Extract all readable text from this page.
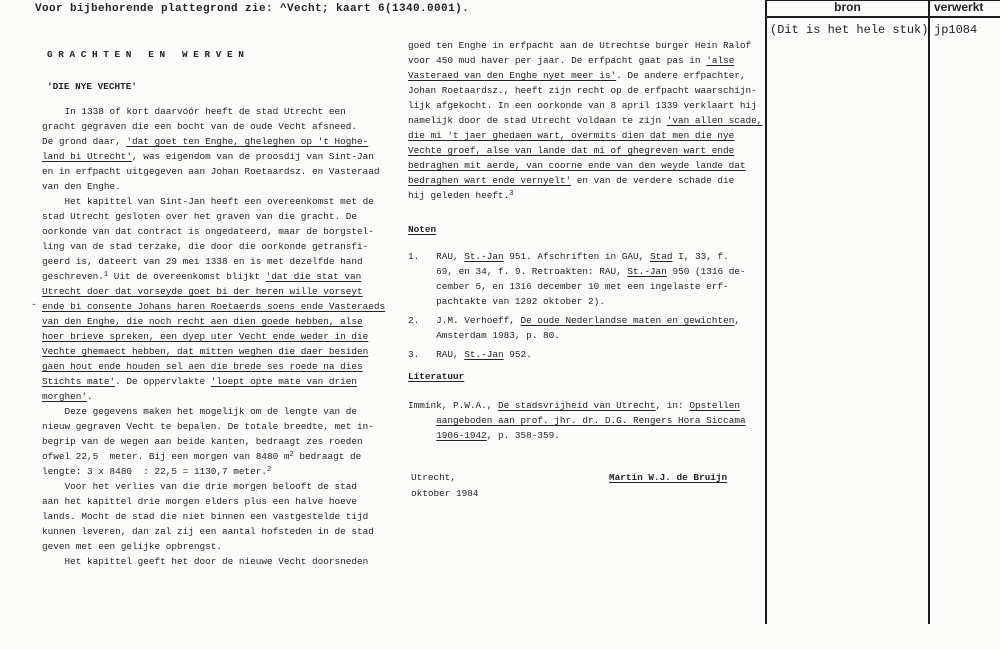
Voor bijbehorende plattegrond zie: ^Vecht; kaart 6(1340.0001).
G R A C H T E N   E N   W E R V E N
'DIE NYE VECHTE'
In 1338 of kort daarvóór heeft de stad Utrecht een
gracht gegraven die een bocht van de oude Vecht afsneed.
De grond daar, 'dat goet ten Enghe, gheleghen op 't Hoghe-
land bi Utrecht', was eigendom van de proosdij van Sint-Jan
en in erfpacht uitgegeven aan Johan Roetaardsz. en Vasteraad
van den Enghe.
Het kapittel van Sint-Jan heeft een overeenkomst met de
stad Utrecht gesloten over het graven van die gracht. De
oorkonde van dat contract is ongedateerd, maar de borgstel-
ling van de stad terzake, die door die oorkonde getransfi-
geerd is, dateert van 29 mei 1338 en is met dezelfde hand
geschreven.$^1$ Uit de overeenkomst blijkt 'dat die stat van
Utrecht doer dat vorseyde goet bi der heren wille vorseyt
ende bi consente Johans haren Roetaerds soens ende Vasteraeds
van den Enghe, die noch recht aen dien goede hebben, alse
hoer brieve spreken, een dyep uter Vecht ende weder in die
Vechte ghemaect hebben, dat mitten weghen die daer besiden
gaen hout ende houden sel aen die brede ses roede na dies
Stichts mate'. De oppervlakte 'loept opte mate van drien
morghen'.
Deze gegevens maken het mogelijk om de lengte van de
nieuw gegraven Vecht te bepalen. De totale breedte, met in-
begrip van de wegen aan beide kanten, bedraagt zes roeden
ofwel 22,5  meter. Bij een morgen van 8480 $m^2$ bedraagt de
lengte: 3 x 8480  : 22,5 = 1130,7 meter.$^2$
Voor het verlies van die drie morgen belooft de stad
aan het kapittel drie morgen elders plus een halve hoeve
lands. Mocht de stad die niet binnen een vastgestelde tijd
kunnen leveren, dan zal zij een aantal hofsteden in de stad
geven met een gelijke opbrengst.
Het kapittel geeft het door de nieuwe Vecht doorsneden
-
goed ten Enghe in erfpacht aan de Utrechtse burger Hein Ralof
voor 450 mud haver per jaar. De erfpacht gaat pas in 'alse
Vasteraed van den Enghe nyet meer is'. De andere erfpachter,
Johan Roetaardsz., heeft zijn recht op de erfpacht waarschijn-
lijk afgekocht. In een oorkonde van 8 april 1339 verklaart hij
namelijk door de stad Utrecht voldaan te zijn 'van allen scade,
die mi 't jaer ghedaen wart, overmits dien dat men die nye
Vechte groef, alse van lande dat mi of ghegreven wart ende
bedraghen mit aerde, van coorne ende van den weyde lande dat
bedraghen wart ende vernyelt' en van de verdere schade die
hij geleden heeft.$^3$
Noten
1.   RAU, St.-Jan 951. Afschriften in GAU, Stad I, 33, f.
69, en 34, f. 9. Retroakten: RAU, St.-Jan 950 (1316 de-
cember 5, en 1316 december 10 met een ingelaste erf-
pachtakte van 1292 oktober 2).
2.   J.M. Verhoeff, De oude Nederlandse maten en gewichten,
Amsterdam 1983, p. 80.
3.   RAU, St.-Jan 952.
Literatuur
Immink, P.W.A., De stadsvrijheid van Utrecht, in: Opstellen
aangeboden aan prof. jhr. dr. D.G. Rengers Hora Siccama
1906-1942, p. 358-359.
Utrecht,
oktober 1984
Martin W.J. de Bruijn
bron	verwerkt
(Dit is het hele stuk) jp1084
